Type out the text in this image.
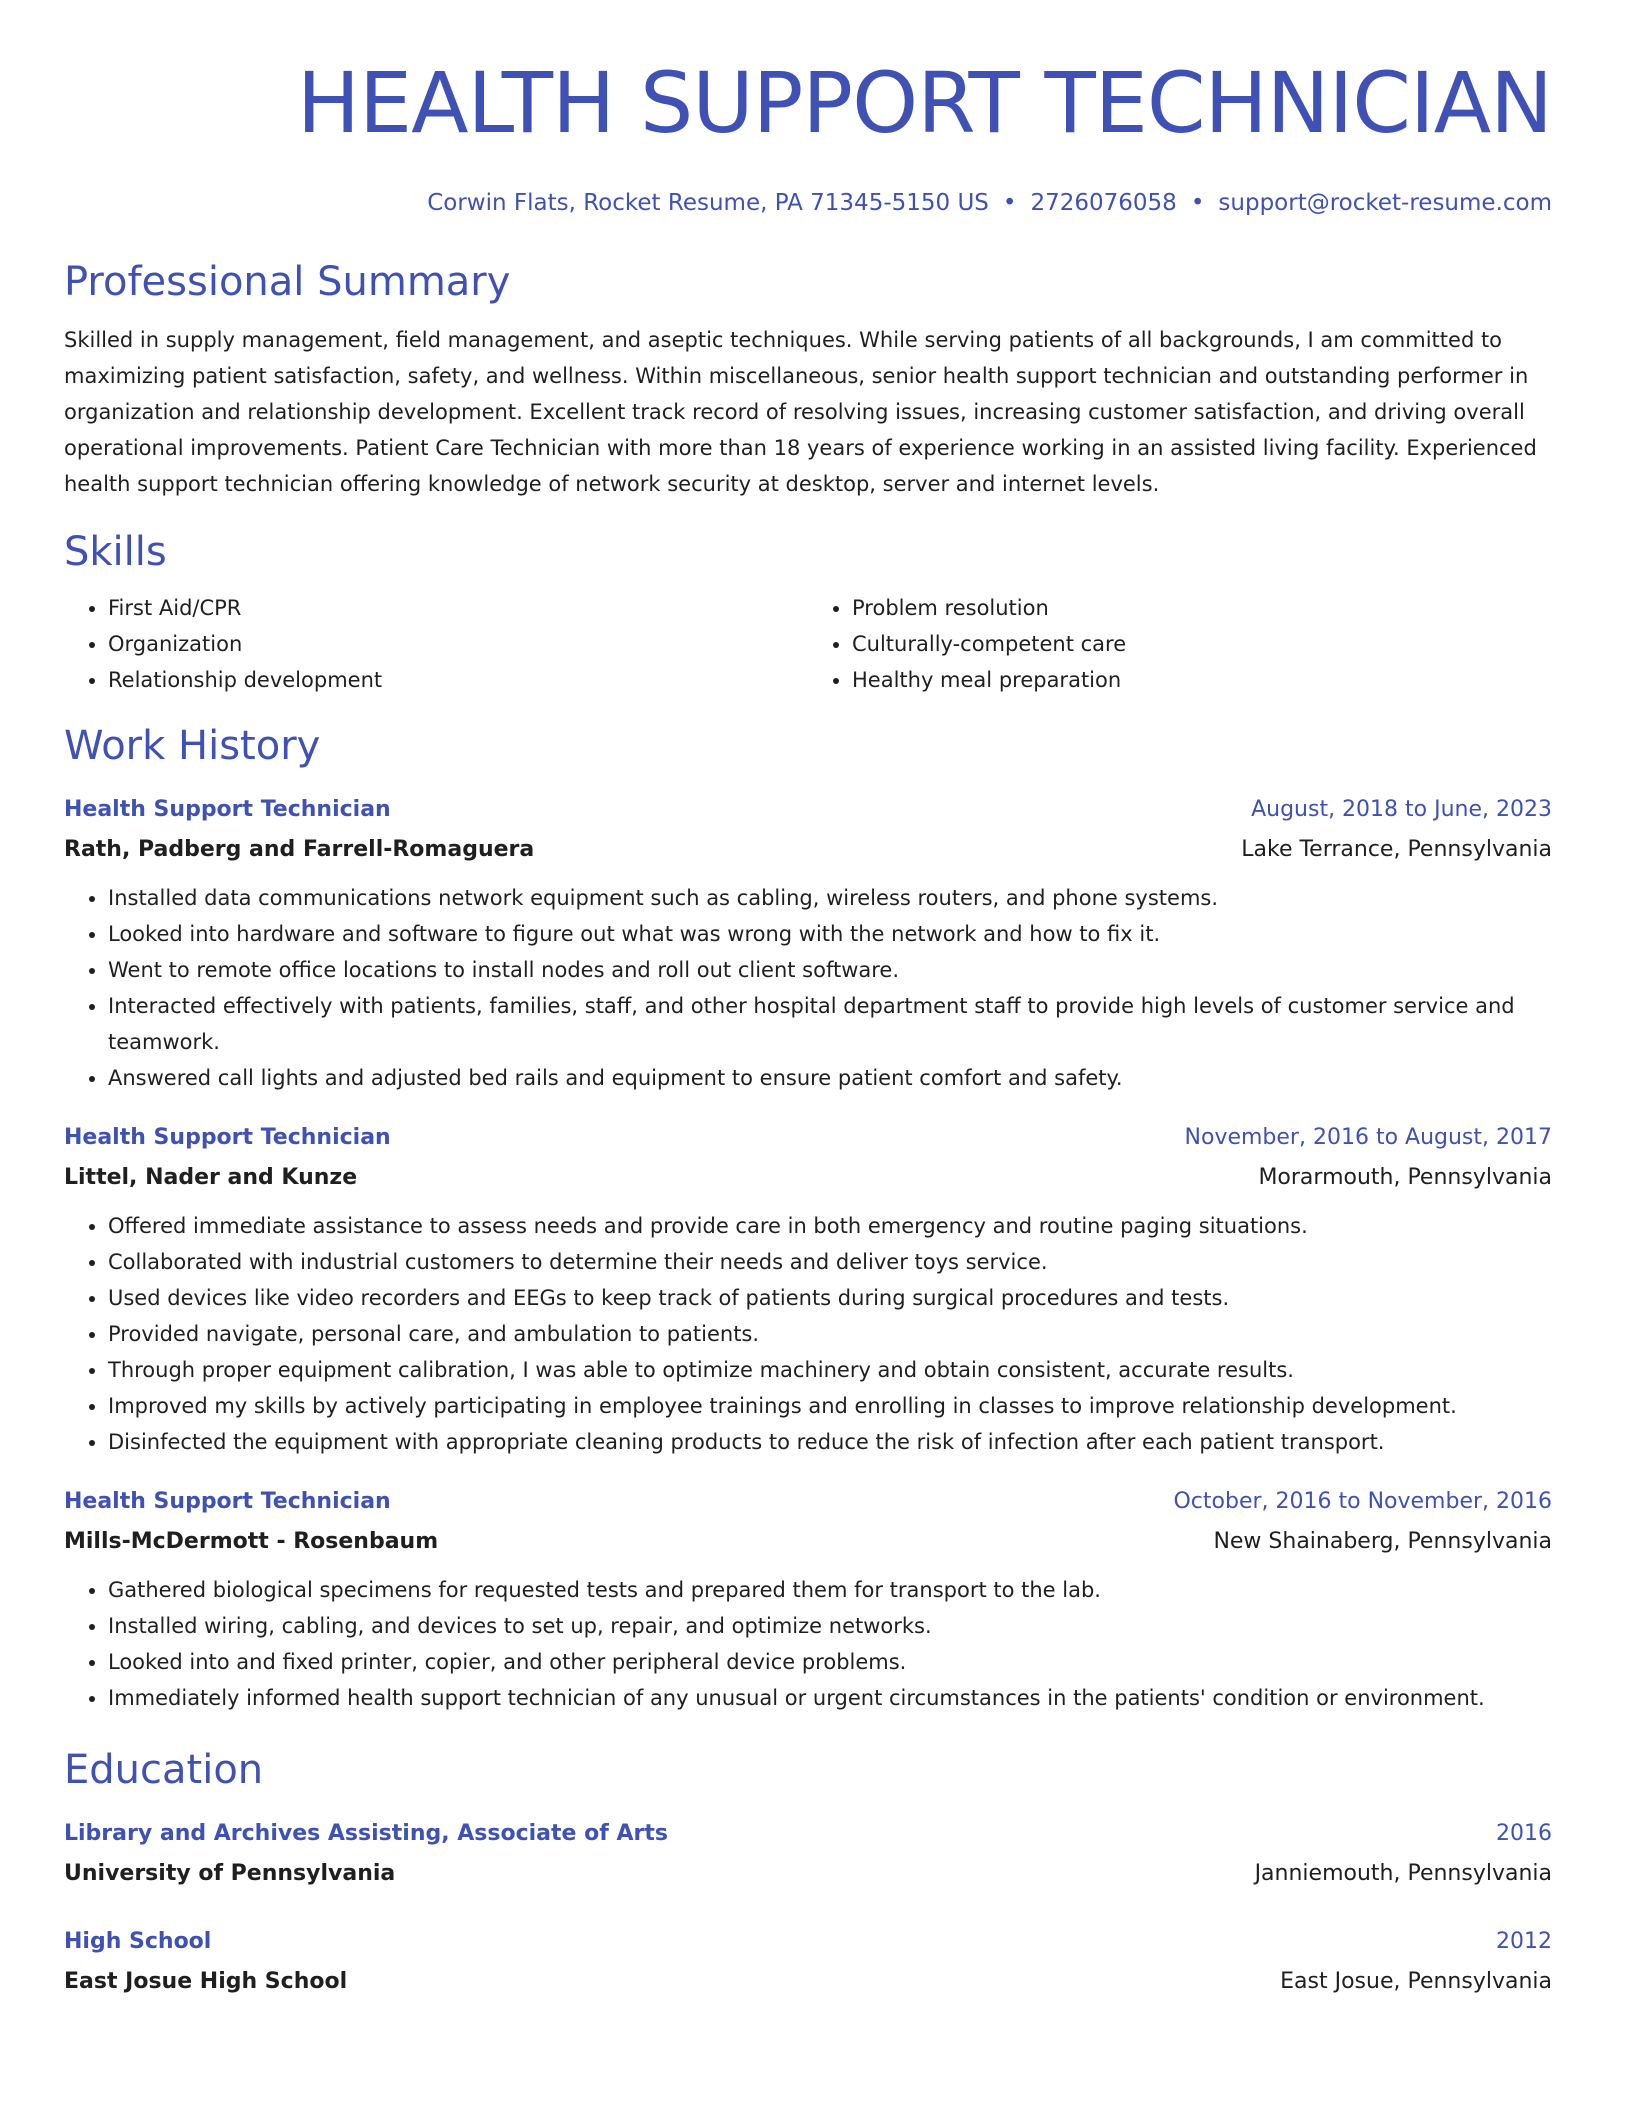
HEALTH SUPPORT TECHNICIAN
Corwin Flats, Rocket Resume, PA 71345-5150 US • 2726076058 • support@rocket-resume.com
Professional Summary
Skilled in supply management, field management, and aseptic techniques. While serving patients of all backgrounds, I am committed to maximizing patient satisfaction, safety, and wellness. Within miscellaneous, senior health support technician and outstanding performer in organization and relationship development. Excellent track record of resolving issues, increasing customer satisfaction, and driving overall operational improvements. Patient Care Technician with more than 18 years of experience working in an assisted living facility. Experienced health support technician offering knowledge of network security at desktop, server and internet levels.
Skills
• First Aid/CPR
• Organization
• Relationship development
• Problem resolution
• Culturally-competent care
• Healthy meal preparation
Work History
Health Support Technician	August, 2018 to June, 2023
Rath, Padberg and Farrell-Romaguera	Lake Terrance, Pennsylvania
• Installed data communications network equipment such as cabling, wireless routers, and phone systems.
• Looked into hardware and software to figure out what was wrong with the network and how to fix it.
• Went to remote office locations to install nodes and roll out client software.
• Interacted effectively with patients, families, staff, and other hospital department staff to provide high levels of customer service and teamwork.
• Answered call lights and adjusted bed rails and equipment to ensure patient comfort and safety.
Health Support Technician	November, 2016 to August, 2017
Littel, Nader and Kunze	Morarmouth, Pennsylvania
• Offered immediate assistance to assess needs and provide care in both emergency and routine paging situations.
• Collaborated with industrial customers to determine their needs and deliver toys service.
• Used devices like video recorders and EEGs to keep track of patients during surgical procedures and tests.
• Provided navigate, personal care, and ambulation to patients.
• Through proper equipment calibration, I was able to optimize machinery and obtain consistent, accurate results.
• Improved my skills by actively participating in employee trainings and enrolling in classes to improve relationship development.
• Disinfected the equipment with appropriate cleaning products to reduce the risk of infection after each patient transport.
Health Support Technician	October, 2016 to November, 2016
Mills-McDermott - Rosenbaum	New Shainaberg, Pennsylvania
• Gathered biological specimens for requested tests and prepared them for transport to the lab.
• Installed wiring, cabling, and devices to set up, repair, and optimize networks.
• Looked into and fixed printer, copier, and other peripheral device problems.
• Immediately informed health support technician of any unusual or urgent circumstances in the patients' condition or environment.
Education
Library and Archives Assisting, Associate of Arts	2016
University of Pennsylvania	Janniemouth, Pennsylvania
High School	2012
East Josue High School	East Josue, Pennsylvania
